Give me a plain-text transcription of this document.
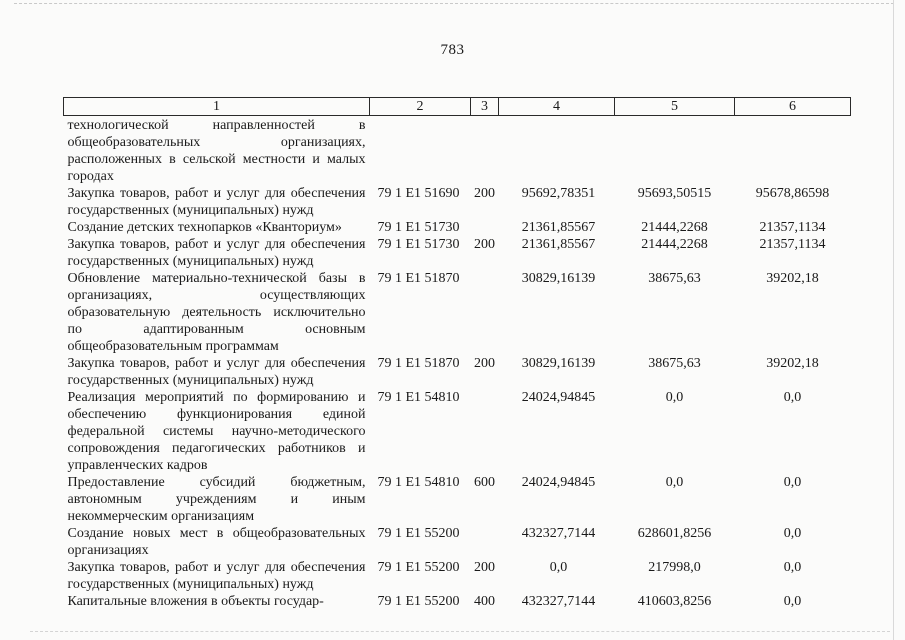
783
1	2	3	4	5	6
технологической направленностей в общеобразовательных организациях, расположенных в сельской местности и малых городах					
Закупка товаров, работ и услуг для обеспечения государственных (муниципальных) нужд	79 1 E1 51690	200	95692,78351	95693,50515	95678,86598
Создание детских технопарков «Кванториум»	79 1 E1 51730		21361,85567	21444,2268	21357,1134
Закупка товаров, работ и услуг для обеспечения государственных (муниципальных) нужд	79 1 E1 51730	200	21361,85567	21444,2268	21357,1134
Обновление материально-технической базы в организациях, осуществляющих образовательную деятельность исключительно по адаптированным основным общеобразовательным программам	79 1 E1 51870		30829,16139	38675,63	39202,18
Закупка товаров, работ и услуг для обеспечения государственных (муниципальных) нужд	79 1 E1 51870	200	30829,16139	38675,63	39202,18
Реализация мероприятий по формированию и обеспечению функционирования единой федеральной системы научно-методического сопровождения педагогических работников и управленческих кадров	79 1 E1 54810		24024,94845	0,0	0,0
Предоставление субсидий бюджетным, автономным учреждениям и иным некоммерческим организациям	79 1 E1 54810	600	24024,94845	0,0	0,0
Создание новых мест в общеобразовательных организациях	79 1 E1 55200		432327,7144	628601,8256	0,0
Закупка товаров, работ и услуг для обеспечения государственных (муниципальных) нужд	79 1 E1 55200	200	0,0	217998,0	0,0
Капитальные вложения в объекты государ-	79 1 E1 55200	400	432327,7144	410603,8256	0,0
